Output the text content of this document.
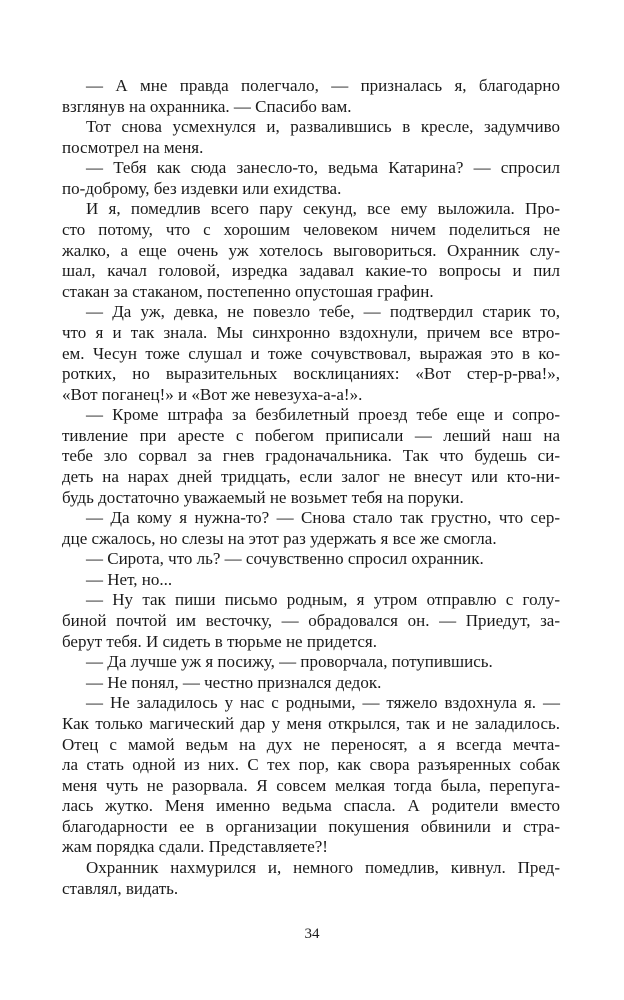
— А мне правда полегчало, — призналась я, благодарно
взглянув на охранника. — Спасибо вам.
Тот снова усмехнулся и, развалившись в кресле, задумчиво
посмотрел на меня.
— Тебя как сюда занесло-то, ведьма Катарина? — спросил
по-доброму, без издевки или ехидства.
И я, помедлив всего пару секунд, все ему выложила. Про-
сто потому, что с хорошим человеком ничем поделиться не
жалко, а еще очень уж хотелось выговориться. Охранник слу-
шал, качал головой, изредка задавал какие-то вопросы и пил
стакан за стаканом, постепенно опустошая графин.
— Да уж, девка, не повезло тебе, — подтвердил старик то,
что я и так знала. Мы синхронно вздохнули, причем все втро-
ем. Чесун тоже слушал и тоже сочувствовал, выражая это в ко-
ротких, но выразительных восклицаниях: «Вот стер-р-рва!»,
«Вот поганец!» и «Вот же невезуха-а-а!».
— Кроме штрафа за безбилетный проезд тебе еще и сопро-
тивление при аресте с побегом приписали — леший наш на
тебе зло сорвал за гнев градоначальника. Так что будешь си-
деть на нарах дней тридцать, если залог не внесут или кто-ни-
будь достаточно уважаемый не возьмет тебя на поруки.
— Да кому я нужна-то? — Снова стало так грустно, что сер-
дце сжалось, но слезы на этот раз удержать я все же смогла.
— Сирота, что ль? — сочувственно спросил охранник.
— Нет, но...
— Ну так пиши письмо родным, я утром отправлю с голу-
биной почтой им весточку, — обрадовался он. — Приедут, за-
берут тебя. И сидеть в тюрьме не придется.
— Да лучше уж я посижу, — проворчала, потупившись.
— Не понял, — честно признался дедок.
— Не заладилось у нас с родными, — тяжело вздохнула я. —
Как только магический дар у меня открылся, так и не заладилось. Отец с мамой ведьм на дух не переносят, а я всегда мечта-
ла стать одной из них. С тех пор, как свора разъяренных собак
меня чуть не разорвала. Я совсем мелкая тогда была, перепуга-
лась жутко. Меня именно ведьма спасла. А родители вместо
благодарности ее в организации покушения обвинили и стра-
жам порядка сдали. Представляете?!
Охранник нахмурился и, немного помедлив, кивнул. Пред-
ставлял, видать.
34
